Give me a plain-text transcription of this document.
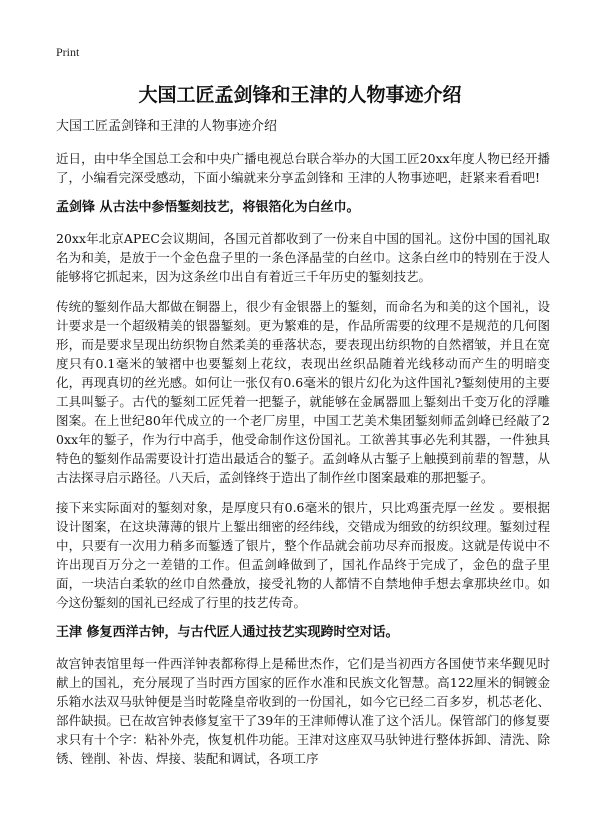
Print
大国工匠孟剑锋和王津的人物事迹介绍
大国工匠孟剑锋和王津的人物事迹介绍

近日，由中华全国总工会和中央广播电视总台联合举办的大国工匠20xx年度人物已经开播了，小编看完深受感动，下面小编就来分享孟剑锋和 王津的人物事迹吧，赶紧来看看吧!

孟剑锋 从古法中参悟錾刻技艺，将银箔化为白丝巾。

20xx年北京APEC会议期间，各国元首都收到了一份来自中国的国礼。这份中国的国礼取名为和美，是放于一个金色盘子里的一条色泽晶莹的白丝巾。这条白丝巾的特别在于没人能够将它抓起来，因为这条丝巾出自有着近三千年历史的錾刻技艺。

传统的錾刻作品大都做在铜器上，很少有金银器上的錾刻，而命名为和美的这个国礼，设计要求是一个超级精美的银器錾刻。更为繁难的是，作品所需要的纹理不是规范的几何图形，而是要求呈现出纺织物自然柔美的垂落状态，要表现出纺织物的自然褶皱，并且在宽度只有0.1毫米的皱褶中也要錾刻上花纹，表现出丝织品随着光线移动而产生的明暗变化，再现真切的丝光感。如何让一张仅有0.6毫米的银片幻化为这件国礼?錾刻使用的主要工具叫錾子。古代的錾刻工匠凭着一把錾子，就能够在金属器皿上錾刻出千变万化的浮雕图案。在上世纪80年代成立的一个老厂房里，中国工艺美术集团錾刻师孟剑峰已经敲了20xx年的錾子，作为行中高手，他受命制作这份国礼。工欲善其事必先利其器，一件独具特色的錾刻作品需要设计打造出最适合的錾子。孟剑峰从古錾子上触摸到前辈的智慧，从古法探寻启示路径。八天后，孟剑锋终于造出了制作丝巾图案最难的那把錾子。

接下来实际面对的錾刻对象，是厚度只有0.6毫米的银片，只比鸡蛋壳厚一丝发 。要根据设计图案，在这块薄薄的银片上錾出细密的经纬线，交错成为细致的纺织纹理。錾刻过程中，只要有一次用力稍多而錾透了银片，整个作品就会前功尽弃而报废。这就是传说中不许出现百万分之一差错的工作。但孟剑峰做到了，国礼作品终于完成了，金色的盘子里面，一块洁白柔软的丝巾自然叠放，接受礼物的人都情不自禁地伸手想去拿那块丝巾。如今这份錾刻的国礼已经成了行里的技艺传奇。

王津 修复西洋古钟，与古代匠人通过技艺实现跨时空对话。

故宫钟表馆里每一件西洋钟表都称得上是稀世杰作，它们是当初西方各国使节来华觐见时献上的国礼，充分展现了当时西方国家的匠作水准和民族文化智慧。高122厘米的铜镀金乐箱水法双马驮钟便是当时乾隆皇帝收到的一份国礼，如今它已经二百多岁，机芯老化、部件缺损。已在故宫钟表修复室干了39年的王津师傅认准了这个活儿。保管部门的修复要求只有十个字：粘补外壳，恢复机件功能。王津对这座双马驮钟进行整体拆卸、清洗、除锈、锉削、补齿、焊接、装配和调试，各项工序
